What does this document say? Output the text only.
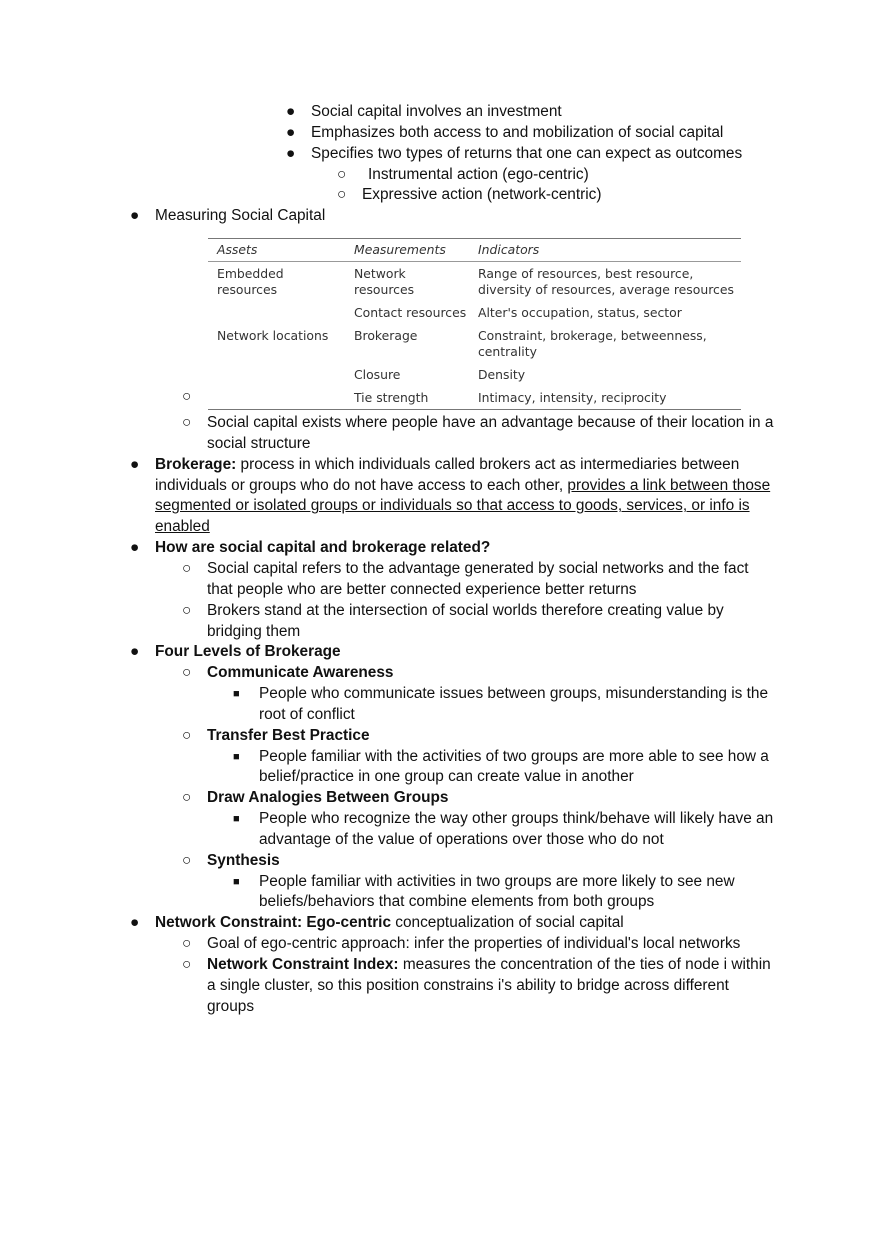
● Social capital involves an investment
● Emphasizes both access to and mobilization of social capital
● Specifies two types of returns that one can expect as outcomes
○ Instrumental action (ego-centric)
○ Expressive action (network-centric)
● Measuring Social Capital
○
Assets	Measurements	Indicators
Embedded resources	Network resources	Range of resources, best resource, diversity of resources, average resources
	Contact resources	Alter's occupation, status, sector
Network locations	Brokerage	Constraint, brokerage, betweenness, centrality
	Closure	Density
	Tie strength	Intimacy, intensity, reciprocity
○ Social capital exists where people have an advantage because of their location in a social structure
● Brokerage: process in which individuals called brokers act as intermediaries between individuals or groups who do not have access to each other, provides a link between those segmented or isolated groups or individuals so that access to goods, services, or info is enabled
● How are social capital and brokerage related?
○ Social capital refers to the advantage generated by social networks and the fact that people who are better connected experience better returns
○ Brokers stand at the intersection of social worlds therefore creating value by bridging them
● Four Levels of Brokerage
○ Communicate Awareness
■ People who communicate issues between groups, misunderstanding is the root of conflict
○ Transfer Best Practice
■ People familiar with the activities of two groups are more able to see how a belief/practice in one group can create value in another
○ Draw Analogies Between Groups
■ People who recognize the way other groups think/behave will likely have an advantage of the value of operations over those who do not
○ Synthesis
■ People familiar with activities in two groups are more likely to see new beliefs/behaviors that combine elements from both groups
● Network Constraint: Ego-centric conceptualization of social capital
○ Goal of ego-centric approach: infer the properties of individual's local networks
○ Network Constraint Index: measures the concentration of the ties of node i within a single cluster, so this position constrains i's ability to bridge across different groups
